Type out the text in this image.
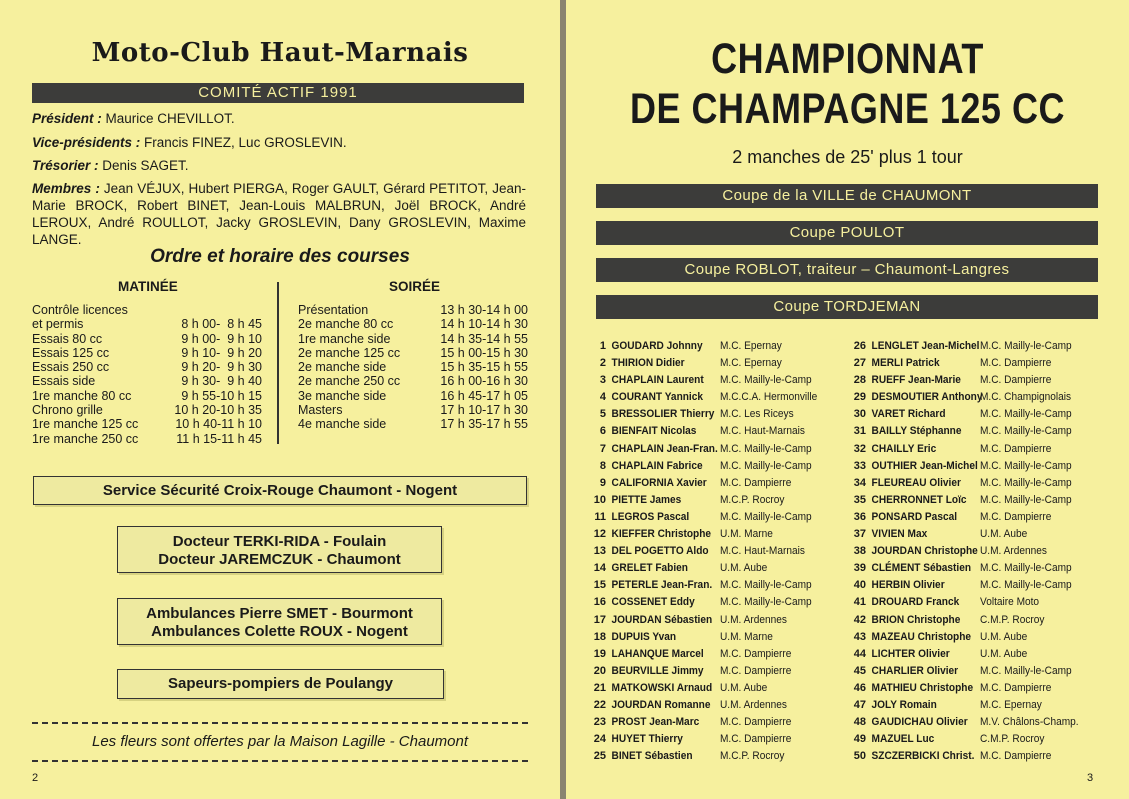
Moto-Club Haut-Marnais
COMITÉ ACTIF 1991
Président : Maurice CHEVILLOT.
Vice-présidents : Francis FINEZ, Luc GROSLEVIN.
Trésorier : Denis SAGET.
Membres : Jean VÉJUX, Hubert PIERGA, Roger GAULT, Gérard PETITOT, Jean-Marie BROCK, Robert BINET, Jean-Louis MALBRUN, Joël BROCK, André LEROUX, André ROULLOT, Jacky GROSLEVIN, Dany GROSLEVIN, Maxime LANGE.
Ordre et horaire des courses
MATINÉE	SOIRÉE
Contrôle licences
et permis	8 h 00-  8 h 45
Essais 80 cc	9 h 00-  9 h 10
Essais 125 cc	9 h 10-  9 h 20
Essais 250 cc	9 h 20-  9 h 30
Essais side	9 h 30-  9 h 40
1re manche 80 cc	9 h 55-10 h 15
Chrono grille	10 h 20-10 h 35
1re manche 125 cc	10 h 40-11 h 10
1re manche 250 cc	11 h 15-11 h 45
Présentation	13 h 30-14 h 00
2e manche 80 cc	14 h 10-14 h 30
1re manche side	14 h 35-14 h 55
2e manche 125 cc	15 h 00-15 h 30
2e manche side	15 h 35-15 h 55
2e manche 250 cc	16 h 00-16 h 30
3e manche side	16 h 45-17 h 05
Masters	17 h 10-17 h 30
4e manche side	17 h 35-17 h 55
Service Sécurité Croix-Rouge Chaumont - Nogent
Docteur TERKI-RIDA - Foulain
Docteur JAREMCZUK - Chaumont
Ambulances Pierre SMET - Bourmont
Ambulances Colette ROUX - Nogent
Sapeurs-pompiers de Poulangy
Les fleurs sont offertes par la Maison Lagille - Chaumont
2
CHAMPIONNAT
DE CHAMPAGNE 125 CC
2 manches de 25' plus 1 tour
Coupe de la VILLE de CHAUMONT
Coupe POULOT
Coupe ROBLOT, traiteur – Chaumont-Langres
Coupe TORDJEMAN
1 GOUDARD Johnny	M.C. Epernay
2 THIRION Didier	M.C. Epernay
3 CHAPLAIN Laurent	M.C. Mailly-le-Camp
4 COURANT Yannick	M.C.C.A. Hermonville
5 BRESSOLIER Thierry M.C. Les Riceys
6 BIENFAIT Nicolas	M.C. Haut-Marnais
7 CHAPLAIN Jean-Fran. M.C. Mailly-le-Camp
8 CHAPLAIN Fabrice	M.C. Mailly-le-Camp
9 CALIFORNIA Xavier	M.C. Dampierre
10 PIETTE James	M.C.P. Rocroy
11 LEGROS Pascal	M.C. Mailly-le-Camp
12 KIEFFER Christophe U.M. Marne
13 DEL POGETTO Aldo M.C. Haut-Marnais
14 GRELET Fabien	U.M. Aube
15 PETERLE Jean-Fran. M.C. Mailly-le-Camp
16 COSSENET Eddy	M.C. Mailly-le-Camp
17 JOURDAN Sébastien U.M. Ardennes
18 DUPUIS Yvan	U.M. Marne
19 LAHANQUE Marcel	M.C. Dampierre
20 BEURVILLE Jimmy	M.C. Dampierre
21 MATKOWSKI Arnaud U.M. Aube
22 JOURDAN Romanne U.M. Ardennes
23 PROST Jean-Marc	M.C. Dampierre
24 HUYET Thierry	M.C. Dampierre
25 BINET Sébastien	M.C.P. Rocroy
26 LENGLET Jean-Michel M.C. Mailly-le-Camp
27 MERLI Patrick	M.C. Dampierre
28 RUEFF Jean-Marie	M.C. Dampierre
29 DESMOUTIER Anthony
M.C. Champignolais
30 VARET Richard	M.C. Mailly-le-Camp
31 BAILLY Stéphanne	M.C. Mailly-le-Camp
32 CHAILLY Eric	M.C. Dampierre
33 OUTHIER Jean-Michel M.C. Mailly-le-Camp
34 FLEUREAU Olivier	M.C. Mailly-le-Camp
35 CHERRONNET Loïc	M.C. Mailly-le-Camp
36 PONSARD Pascal	M.C. Dampierre
37 VIVIEN Max	U.M. Aube
38 JOURDAN Christophe U.M. Ardennes
39 CLÉMENT Sébastien M.C. Mailly-le-Camp
40 HERBIN Olivier	M.C. Mailly-le-Camp
41 DROUARD Franck	Voltaire Moto
42 BRION Christophe	C.M.P. Rocroy
43 MAZEAU Christophe U.M. Aube
44 LICHTER Olivier	U.M. Aube
45 CHARLIER Olivier	M.C. Mailly-le-Camp
46 MATHIEU Christophe M.C. Dampierre
47 JOLY Romain	M.C. Epernay
48 GAUDICHAU Olivier M.V. Châlons-Champ.
49 MAZUEL Luc	C.M.P. Rocroy
50 SZCZERBICKI Christ. M.C. Dampierre
3
